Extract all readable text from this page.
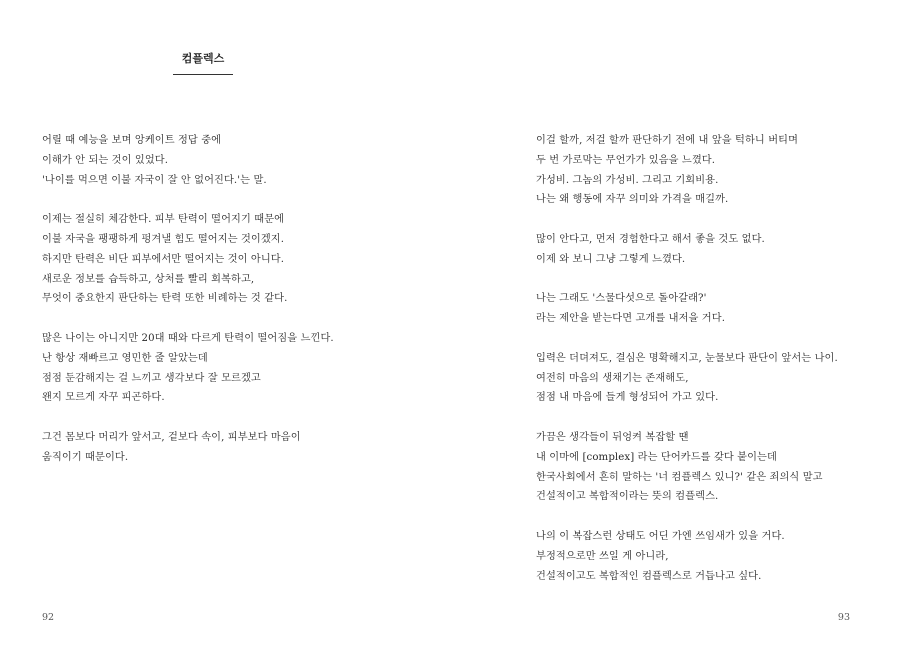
컴플렉스
어릴 때 예능을 보며 앙케이트 정답 중에
이해가 안 되는 것이 있었다.
'나이를 먹으면 이불 자국이 잘 안 없어진다.'는 말.
이제는 절실히 체감한다. 피부 탄력이 떨어지기 때문에
이불 자국을 팽팽하게 펑겨낼 힘도 떨어지는 것이겠지.
하지만 탄력은 비단 피부에서만 떨어지는 것이 아니다.
새로운 정보를 습득하고, 상처를 빨리 회복하고,
무엇이 중요한지 판단하는 탄력 또한 비례하는 것 같다.
많은 나이는 아니지만 20대 때와 다르게 탄력이 떨어짐을 느낀다.
난 항상 재빠르고 영민한 줄 알았는데
점점 둔감해지는 걸 느끼고 생각보다 잘 모르겠고
왠지 모르게 자꾸 피곤하다.
그건 몸보다 머리가 앞서고, 겉보다 속이, 피부보다 마음이
움직이기 때문이다.
92
이걸 할까, 저걸 할까 판단하기 전에 내 앞을 턱하니 버티며
두 번 가로막는 무언가가 있음을 느꼈다.
가성비. 그놈의 가성비. 그리고 기회비용.
나는 왜 행동에 자꾸 의미와 가격을 매길까.
많이 안다고, 먼저 경험한다고 해서 좋을 것도 없다.
이제 와 보니 그냥 그렇게 느꼈다.
나는 그래도 '스물다섯으로 돌아갈래?'
라는 제안을 받는다면 고개를 내저을 거다.
입력은 더뎌져도, 결심은 명확해지고, 눈물보다 판단이 앞서는 나이.
여전히 마음의 생채기는 존재해도,
점점 내 마음에 들게 형성되어 가고 있다.
가끔은 생각들이 뒤엉켜 복잡할 땐
내 이마에 [complex] 라는 단어카드를 갖다 붙이는데
한국사회에서 흔히 말하는 '너 컴플렉스 있니?' 같은 죄의식 말고
건설적이고 복합적이라는 뜻의 컴플렉스.
나의 이 복잡스런 상태도 어딘 가엔 쓰임새가 있을 거다.
부정적으로만 쓰일 게 아니라,
건설적이고도 복합적인 컴플렉스로 거듭나고 싶다.
93
